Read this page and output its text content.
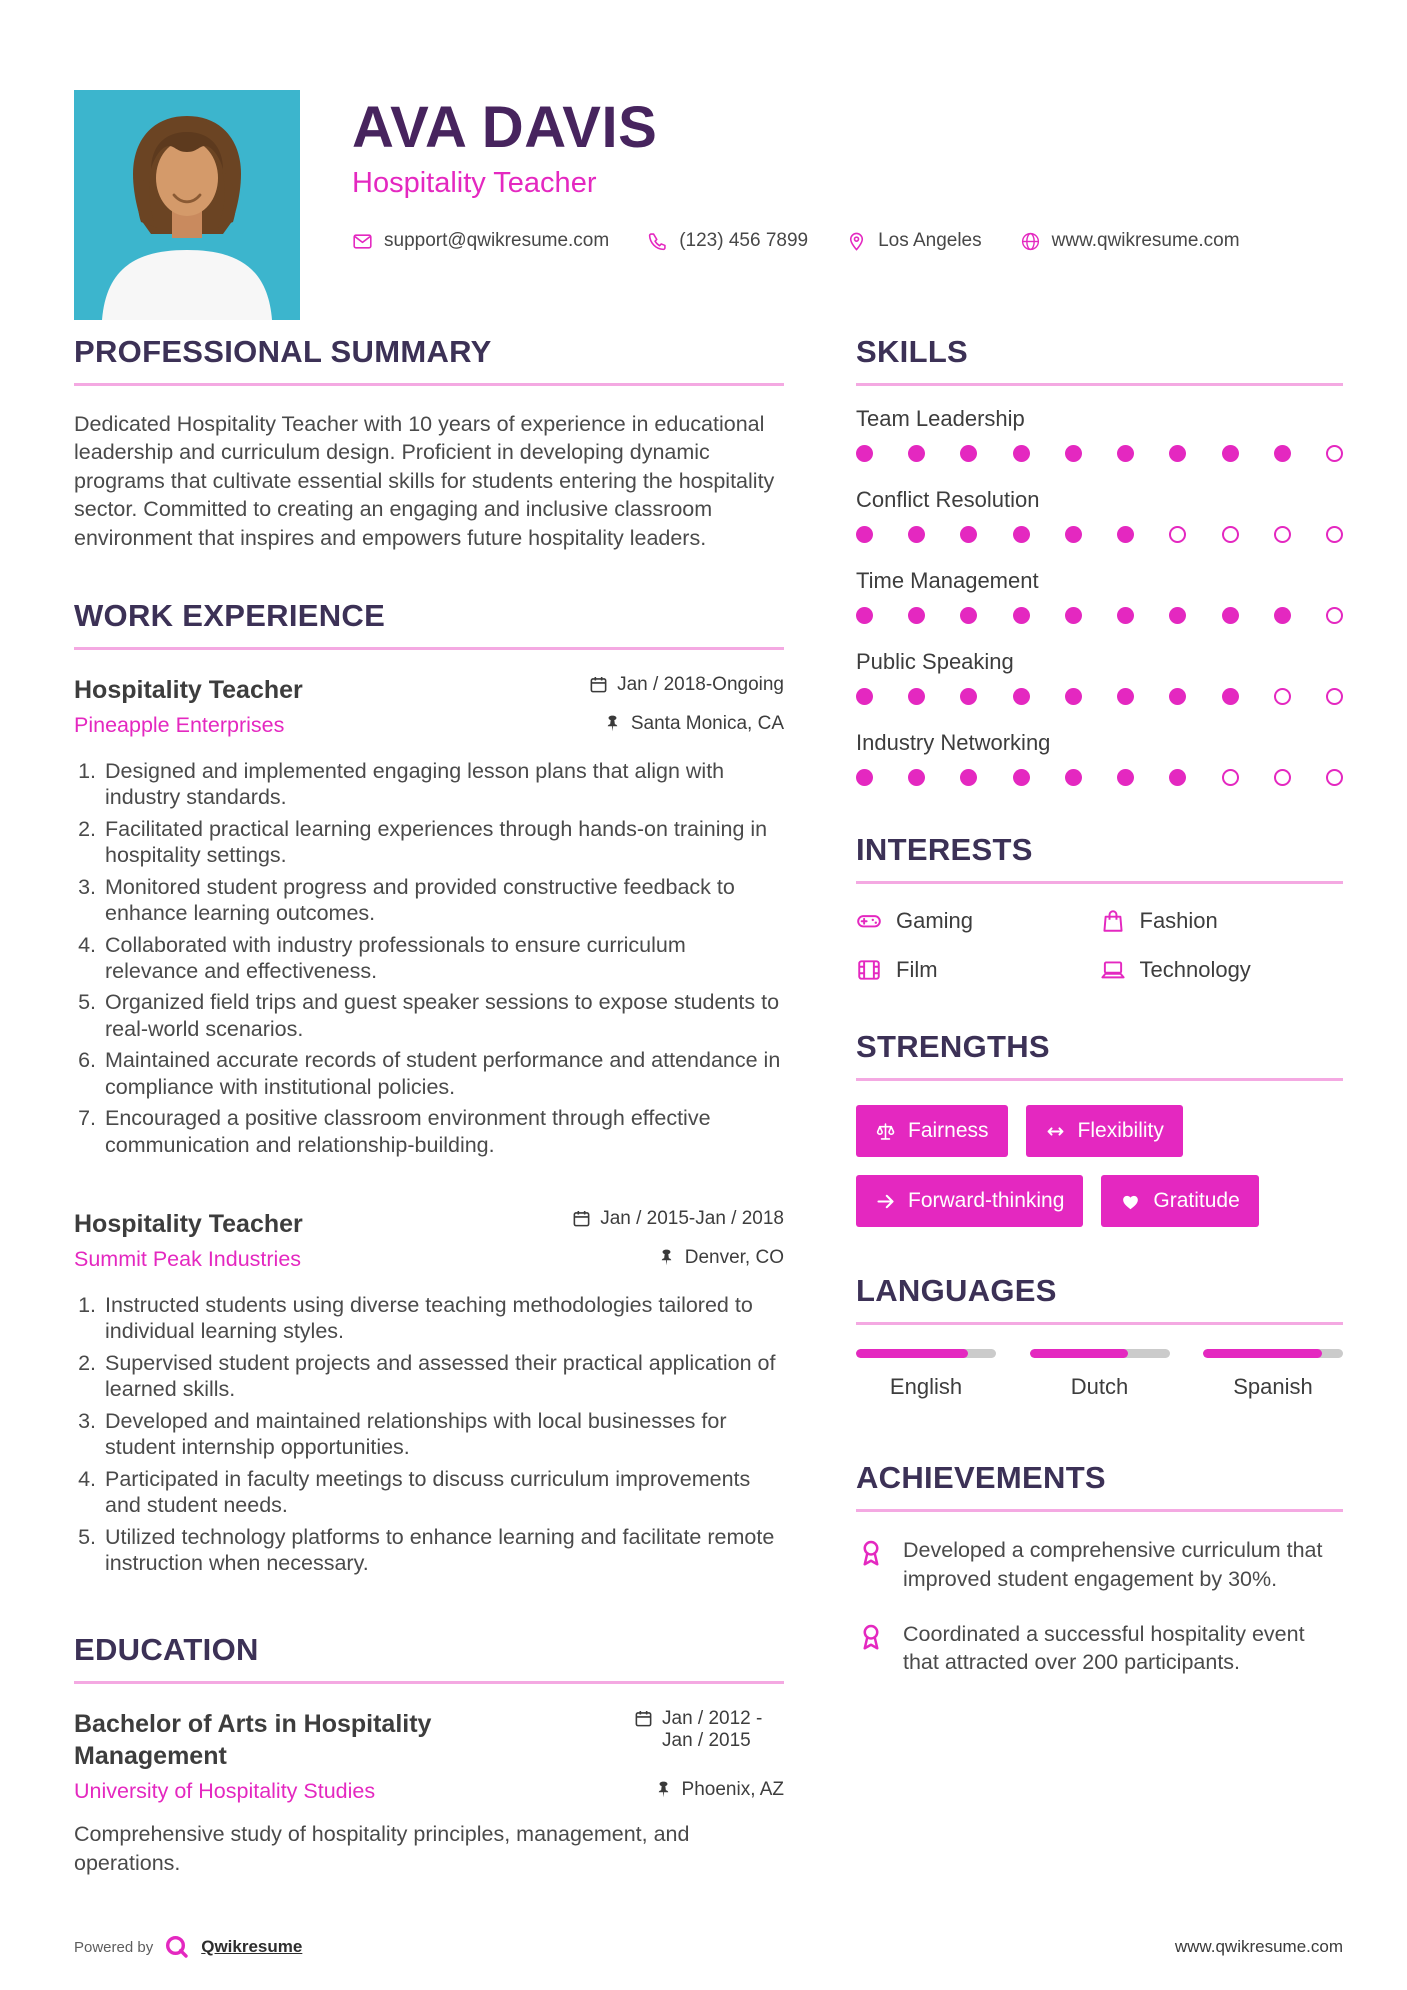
AVA DAVIS
Hospitality Teacher
support@qwikresume.com	(123) 456 7899	Los Angeles	www.qwikresume.com
PROFESSIONAL SUMMARY

Dedicated Hospitality Teacher with 10 years of experience in educational leadership and curriculum design. Proficient in developing dynamic programs that cultivate essential skills for students entering the hospitality sector. Committed to creating an engaging and inclusive classroom environment that inspires and empowers future hospitality leaders.

WORK EXPERIENCE
Hospitality Teacher	Jan / 2018-Ongoing
Pineapple Enterprises	Santa Monica, CA
1. Designed and implemented engaging lesson plans that align with industry standards.
2. Facilitated practical learning experiences through hands-on training in hospitality settings.
3. Monitored student progress and provided constructive feedback to enhance learning outcomes.
4. Collaborated with industry professionals to ensure curriculum relevance and effectiveness.
5. Organized field trips and guest speaker sessions to expose students to real-world scenarios.
6. Maintained accurate records of student performance and attendance in compliance with institutional policies.
7. Encouraged a positive classroom environment through effective communication and relationship-building.
Hospitality Teacher	Jan / 2015-Jan / 2018
Summit Peak Industries	Denver, CO
1. Instructed students using diverse teaching methodologies tailored to individual learning styles.
2. Supervised student projects and assessed their practical application of learned skills.
3. Developed and maintained relationships with local businesses for student internship opportunities.
4. Participated in faculty meetings to discuss curriculum improvements and student needs.
5. Utilized technology platforms to enhance learning and facilitate remote instruction when necessary.
EDUCATION
Bachelor of Arts in Hospitality Management
Jan / 2012 - Jan / 2015
University of Hospitality Studies	Phoenix, AZ

Comprehensive study of hospitality principles, management, and operations.

SKILLS
Team Leadership
Conflict Resolution
Time Management
Public Speaking
Industry Networking
INTERESTS
Gaming	Fashion
Film	Technology
STRENGTHS
Fairness	Flexibility
Forward-thinking	Gratitude
LANGUAGES
English	Dutch	Spanish
ACHIEVEMENTS

Developed a comprehensive curriculum that improved student engagement by 30%.

Coordinated a successful hospitality event that attracted over 200 participants.

Powered by	Qwikresume	www.qwikresume.com
